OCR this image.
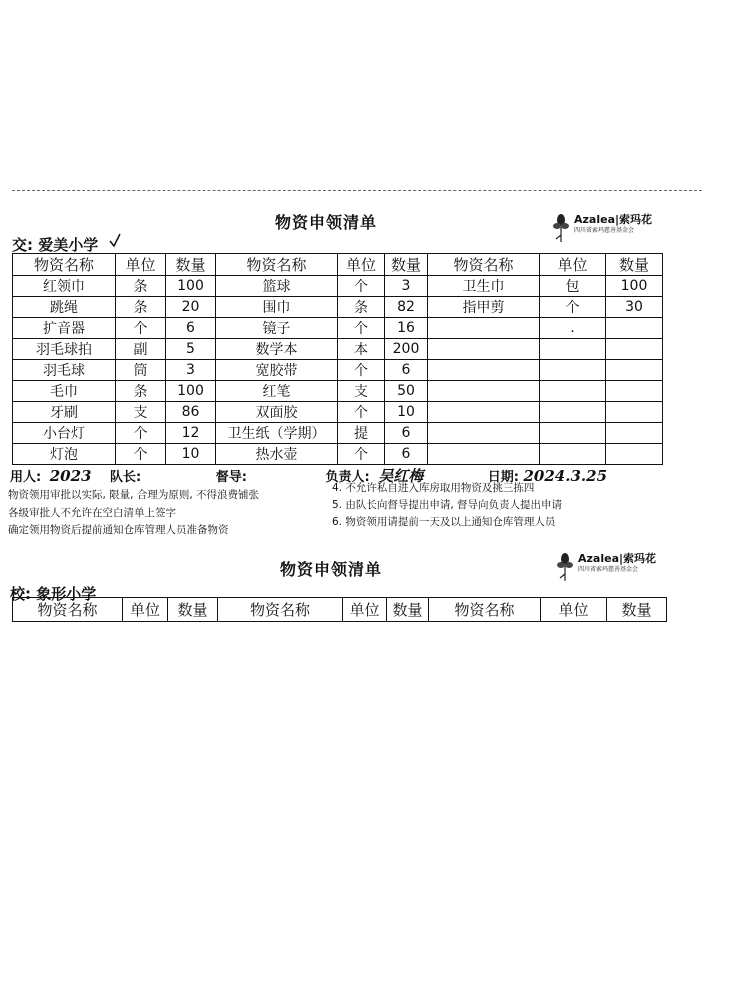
物资申领清单	Azalea|索玛花
四川省索玛慈善基金会
交: 爱美小学
物资名称	单位	数量	物资名称	单位	数量	物资名称	单位	数量
红领巾	条	100	篮球	个	3	卫生巾	包	100
跳绳	条	20	围巾	条	82	指甲剪	个	30
扩音器	个	6	镜子	个	16		.	
羽毛球拍	副	5	数学本	本	200			
羽毛球	筒	3	宽胶带	个	6			
毛巾	条	100	红笔	支	50			
牙刷	支	86	双面胶	个	10			
小台灯	个	12	卫生纸（学期）	提	6			
灯泡	个	10	热水壶	个	6			
用人: 2023 队长:	督导:	负责人: 吴红梅	日期: 2024.3.25
物资领用审批以实际, 限量, 合理为原则, 不得浪费铺张
各级审批人不允许在空白清单上签字
确定领用物资后提前通知仓库管理人员准备物资
4. 不允许私自进入库房取用物资及挑三拣四
5. 由队长向督导提出申请, 督导向负责人提出申请
6. 物资领用请提前一天及以上通知仓库管理人员
物资申领清单
Azalea|索玛花
四川省索玛慈善基金会
校: 象形小学
物资名称	单位	数量	物资名称	单位	数量	物资名称	单位	数量
